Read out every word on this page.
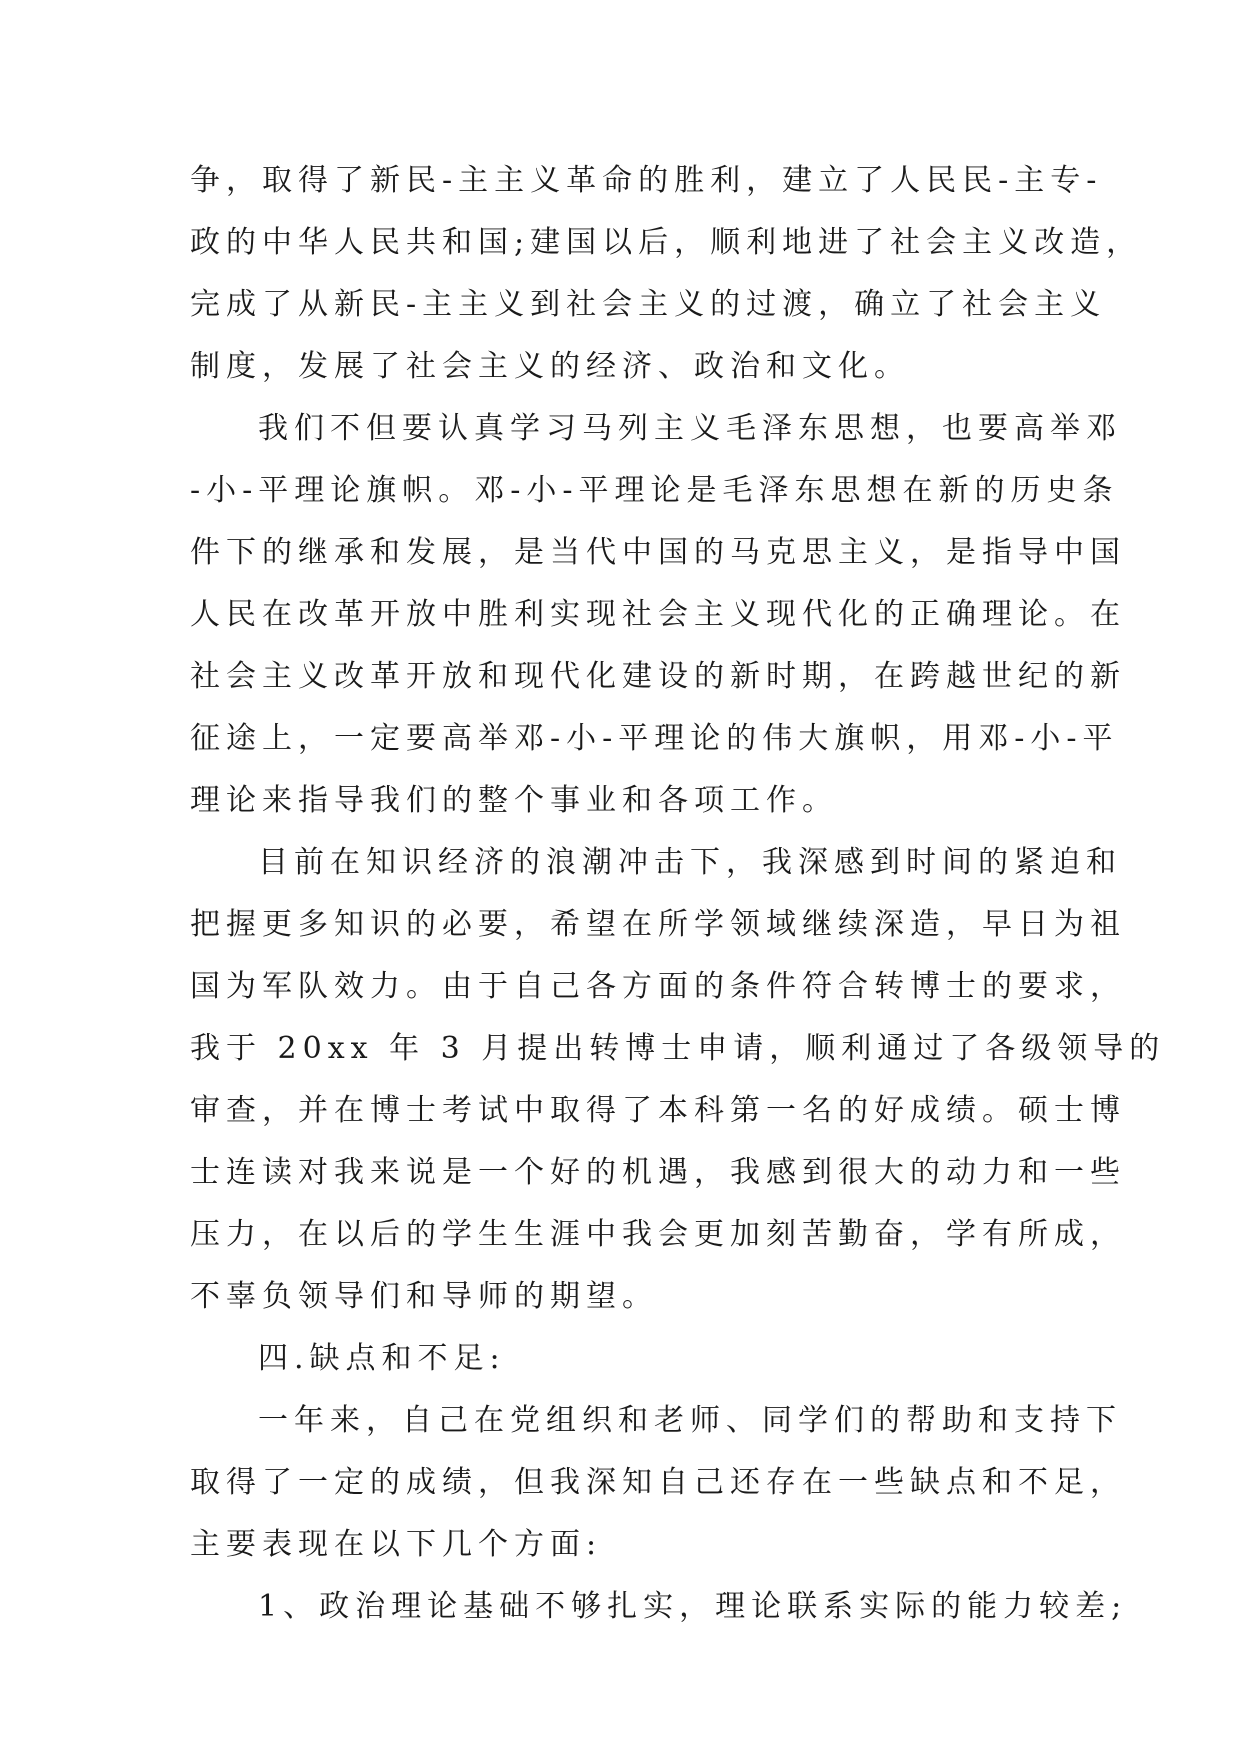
争，取得了新民-主主义革命的胜利，建立了人民民-主专-

政的中华人民共和国;建国以后，顺利地进了社会主义改造，

完成了从新民-主主义到社会主义的过渡，确立了社会主义

制度，发展了社会主义的经济、政治和文化。

我们不但要认真学习马列主义毛泽东思想，也要高举邓

-小-平理论旗帜。邓-小-平理论是毛泽东思想在新的历史条

件下的继承和发展，是当代中国的马克思主义，是指导中国

人民在改革开放中胜利实现社会主义现代化的正确理论。在

社会主义改革开放和现代化建设的新时期，在跨越世纪的新

征途上，一定要高举邓-小-平理论的伟大旗帜，用邓-小-平

理论来指导我们的整个事业和各项工作。

目前在知识经济的浪潮冲击下，我深感到时间的紧迫和

把握更多知识的必要，希望在所学领域继续深造，早日为祖

国为军队效力。由于自己各方面的条件符合转博士的要求，

我于 20xx 年 3 月提出转博士申请，顺利通过了各级领导的

审查，并在博士考试中取得了本科第一名的好成绩。硕士博

士连读对我来说是一个好的机遇，我感到很大的动力和一些

压力，在以后的学生生涯中我会更加刻苦勤奋，学有所成，

不辜负领导们和导师的期望。

四.缺点和不足:

一年来，自己在党组织和老师、同学们的帮助和支持下

取得了一定的成绩，但我深知自己还存在一些缺点和不足，

主要表现在以下几个方面:

1、政治理论基础不够扎实，理论联系实际的能力较差;
